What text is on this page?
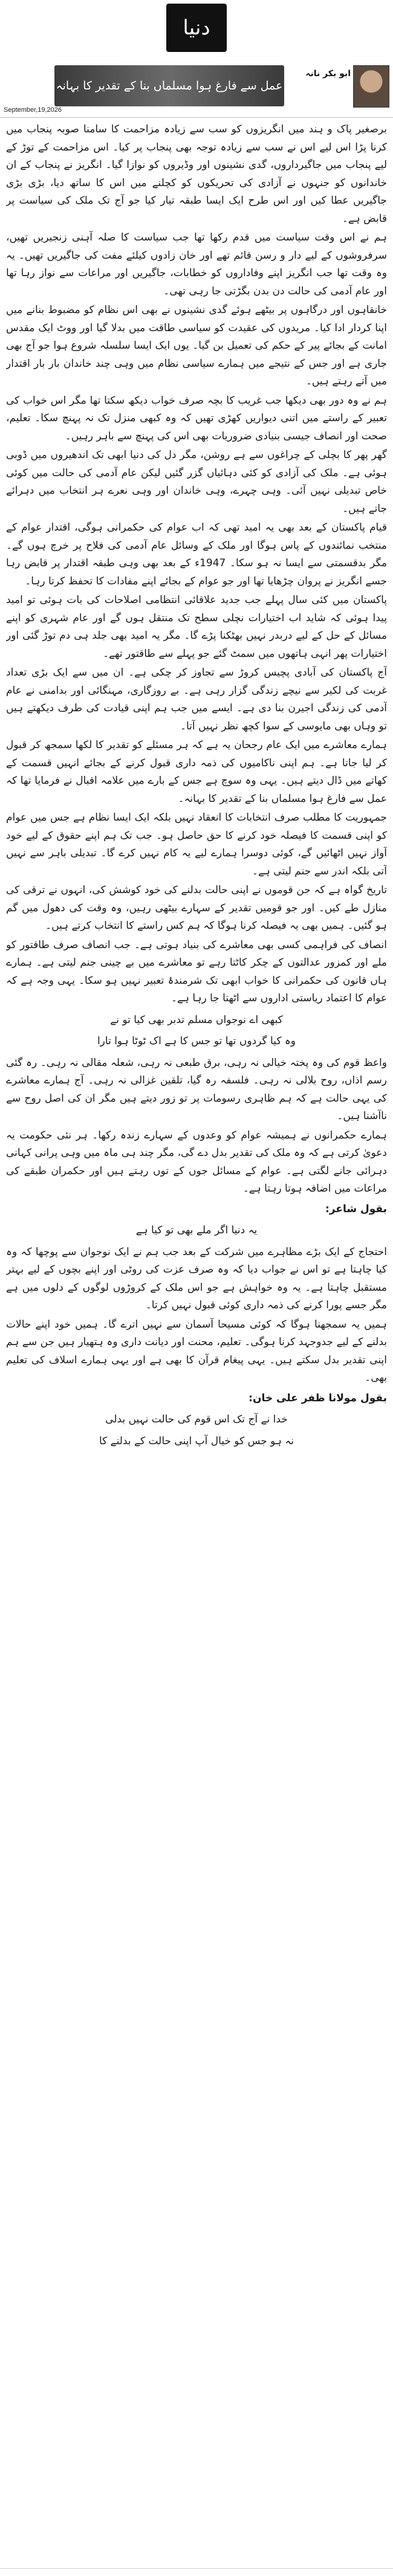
دنیا
عمل سے فارغ ہوا مسلماں بنا کے تقدیر کا بہانہ
ابو بکر نانہ
September,19,2026

برصغیر پاک و ہند میں انگریزوں کو سب سے زیادہ مزاحمت کا سامنا صوبہ پنجاب میں کرنا پڑا اس لیے اس نے سب سے زیادہ توجہ بھی پنجاب پر کیا۔ اس مزاحمت کے توڑ کے لیے پنجاب میں جاگیرداروں، گدی نشینوں اور وڈیروں کو نوازا گیا۔ انگریز نے پنجاب کے ان خاندانوں کو جنہوں نے آزادی کی تحریکوں کو کچلنے میں اس کا ساتھ دیا، بڑی بڑی جاگیریں عطا کیں اور اس طرح ایک ایسا طبقہ تیار کیا جو آج تک ملک کی سیاست پر قابض ہے۔

ہم نے اس وقت سیاست میں قدم رکھا تھا جب سیاست کا صلہ آہنی زنجیریں تھیں، سرفروشوں کے لیے دار و رسن قائم تھے اور خان زادوں کیلئے مفت کی جاگیریں تھیں۔ یہ وہ وقت تھا جب انگریز اپنے وفاداروں کو خطابات، جاگیریں اور مراعات سے نواز رہا تھا اور عام آدمی کی حالت دن بدن بگڑتی جا رہی تھی۔

خانقاہوں اور درگاہوں پر بیٹھے ہوئے گدی نشینوں نے بھی اس نظام کو مضبوط بنانے میں اپنا کردار ادا کیا۔ مریدوں کی عقیدت کو سیاسی طاقت میں بدلا گیا اور ووٹ ایک مقدس امانت کے بجائے پیر کے حکم کی تعمیل بن گیا۔ یوں ایک ایسا سلسلہ شروع ہوا جو آج بھی جاری ہے اور جس کے نتیجے میں ہمارے سیاسی نظام میں وہی چند خاندان بار بار اقتدار میں آتے رہتے ہیں۔

ہم نے وہ دور بھی دیکھا جب غریب کا بچہ صرف خواب دیکھ سکتا تھا مگر اس خواب کی تعبیر کے راستے میں اتنی دیواریں کھڑی تھیں کہ وہ کبھی منزل تک نہ پہنچ سکا۔ تعلیم، صحت اور انصاف جیسی بنیادی ضروریات بھی اس کی پہنچ سے باہر رہیں۔

گھر پھر کا بچلی کے چراغوں سے ہے روشن، مگر دل کی دنیا ابھی تک اندھیروں میں ڈوبی ہوئی ہے۔ ملک کی آزادی کو کئی دہائیاں گزر گئیں لیکن عام آدمی کی حالت میں کوئی خاص تبدیلی نہیں آئی۔ وہی چہرے، وہی خاندان اور وہی نعرے ہر انتخاب میں دہرائے جاتے ہیں۔

قیام پاکستان کے بعد بھی یہ امید تھی کہ اب عوام کی حکمرانی ہوگی، اقتدار عوام کے منتخب نمائندوں کے پاس ہوگا اور ملک کے وسائل عام آدمی کی فلاح پر خرچ ہوں گے۔ مگر بدقسمتی سے ایسا نہ ہو سکا۔ 1947ء کے بعد بھی وہی طبقہ اقتدار پر قابض رہا جسے انگریز نے پروان چڑھایا تھا اور جو عوام کے بجائے اپنے مفادات کا تحفظ کرتا رہا۔

پاکستان میں کئی سال پہلے جب جدید علاقائی انتظامی اصلاحات کی بات ہوئی تو امید پیدا ہوئی کہ شاید اب اختیارات نچلی سطح تک منتقل ہوں گے اور عام شہری کو اپنے مسائل کے حل کے لیے دربدر نہیں بھٹکنا پڑے گا۔ مگر یہ امید بھی جلد ہی دم توڑ گئی اور اختیارات پھر انہی ہاتھوں میں سمٹ گئے جو پہلے سے طاقتور تھے۔

آج پاکستان کی آبادی پچیس کروڑ سے تجاوز کر چکی ہے۔ ان میں سے ایک بڑی تعداد غربت کی لکیر سے نیچے زندگی گزار رہی ہے۔ بے روزگاری، مہنگائی اور بدامنی نے عام آدمی کی زندگی اجیرن بنا دی ہے۔ ایسے میں جب ہم اپنی قیادت کی طرف دیکھتے ہیں تو وہاں بھی مایوسی کے سوا کچھ نظر نہیں آتا۔

ہمارے معاشرے میں ایک عام رجحان یہ ہے کہ ہر مسئلے کو تقدیر کا لکھا سمجھ کر قبول کر لیا جاتا ہے۔ ہم اپنی ناکامیوں کی ذمہ داری قبول کرنے کے بجائے انہیں قسمت کے کھاتے میں ڈال دیتے ہیں۔ یہی وہ سوچ ہے جس کے بارے میں علامہ اقبال نے فرمایا تھا کہ عمل سے فارغ ہوا مسلماں بنا کے تقدیر کا بہانہ۔

جمہوریت کا مطلب صرف انتخابات کا انعقاد نہیں بلکہ ایک ایسا نظام ہے جس میں عوام کو اپنی قسمت کا فیصلہ خود کرنے کا حق حاصل ہو۔ جب تک ہم اپنے حقوق کے لیے خود آواز نہیں اٹھائیں گے، کوئی دوسرا ہمارے لیے یہ کام نہیں کرے گا۔ تبدیلی باہر سے نہیں آتی بلکہ اندر سے جنم لیتی ہے۔

تاریخ گواہ ہے کہ جن قوموں نے اپنی حالت بدلنے کی خود کوشش کی، انہوں نے ترقی کی منازل طے کیں۔ اور جو قومیں تقدیر کے سہارے بیٹھی رہیں، وہ وقت کی دھول میں گم ہو گئیں۔ ہمیں بھی یہ فیصلہ کرنا ہوگا کہ ہم کس راستے کا انتخاب کرتے ہیں۔

انصاف کی فراہمی کسی بھی معاشرے کی بنیاد ہوتی ہے۔ جب انصاف صرف طاقتور کو ملے اور کمزور عدالتوں کے چکر کاٹتا رہے تو معاشرے میں بے چینی جنم لیتی ہے۔ ہمارے ہاں قانون کی حکمرانی کا خواب ابھی تک شرمندۂ تعبیر نہیں ہو سکا۔ یہی وجہ ہے کہ عوام کا اعتماد ریاستی اداروں سے اٹھتا جا رہا ہے۔

کبھی اے نوجواں مسلم تدبر بھی کیا تو نے

وہ کیا گردوں تھا تو جس کا ہے اک ٹوٹا ہوا تارا

واعظ قوم کی وہ پختہ خیالی نہ رہی، برق طبعی نہ رہی، شعلہ مقالی نہ رہی۔ رہ گئی رسم اذاں، روح بلالی نہ رہی۔ فلسفہ رہ گیا، تلقین غزالی نہ رہی۔ آج ہمارے معاشرے کی یہی حالت ہے کہ ہم ظاہری رسومات پر تو زور دیتے ہیں مگر ان کی اصل روح سے ناآشنا ہیں۔

ہمارے حکمرانوں نے ہمیشہ عوام کو وعدوں کے سہارے زندہ رکھا۔ ہر نئی حکومت یہ دعویٰ کرتی ہے کہ وہ ملک کی تقدیر بدل دے گی، مگر چند ہی ماہ میں وہی پرانی کہانی دہرائی جانے لگتی ہے۔ عوام کے مسائل جوں کے توں رہتے ہیں اور حکمران طبقے کی مراعات میں اضافہ ہوتا رہتا ہے۔

بقول شاعر:

یہ دنیا اگر ملے بھی تو کیا ہے

احتجاج کے ایک بڑے مظاہرے میں شرکت کے بعد جب ہم نے ایک نوجوان سے پوچھا کہ وہ کیا چاہتا ہے تو اس نے جواب دیا کہ وہ صرف عزت کی روٹی اور اپنے بچوں کے لیے بہتر مستقبل چاہتا ہے۔ یہ وہ خواہش ہے جو اس ملک کے کروڑوں لوگوں کے دلوں میں ہے مگر جسے پورا کرنے کی ذمہ داری کوئی قبول نہیں کرتا۔

ہمیں یہ سمجھنا ہوگا کہ کوئی مسیحا آسمان سے نہیں اترے گا۔ ہمیں خود اپنے حالات بدلنے کے لیے جدوجہد کرنا ہوگی۔ تعلیم، محنت اور دیانت داری وہ ہتھیار ہیں جن سے ہم اپنی تقدیر بدل سکتے ہیں۔ یہی پیغام قرآن کا بھی ہے اور یہی ہمارے اسلاف کی تعلیم بھی۔

بقول مولانا ظفر علی خان:

خدا نے آج تک اس قوم کی حالت نہیں بدلی

نہ ہو جس کو خیال آپ اپنی حالت کے بدلنے کا
